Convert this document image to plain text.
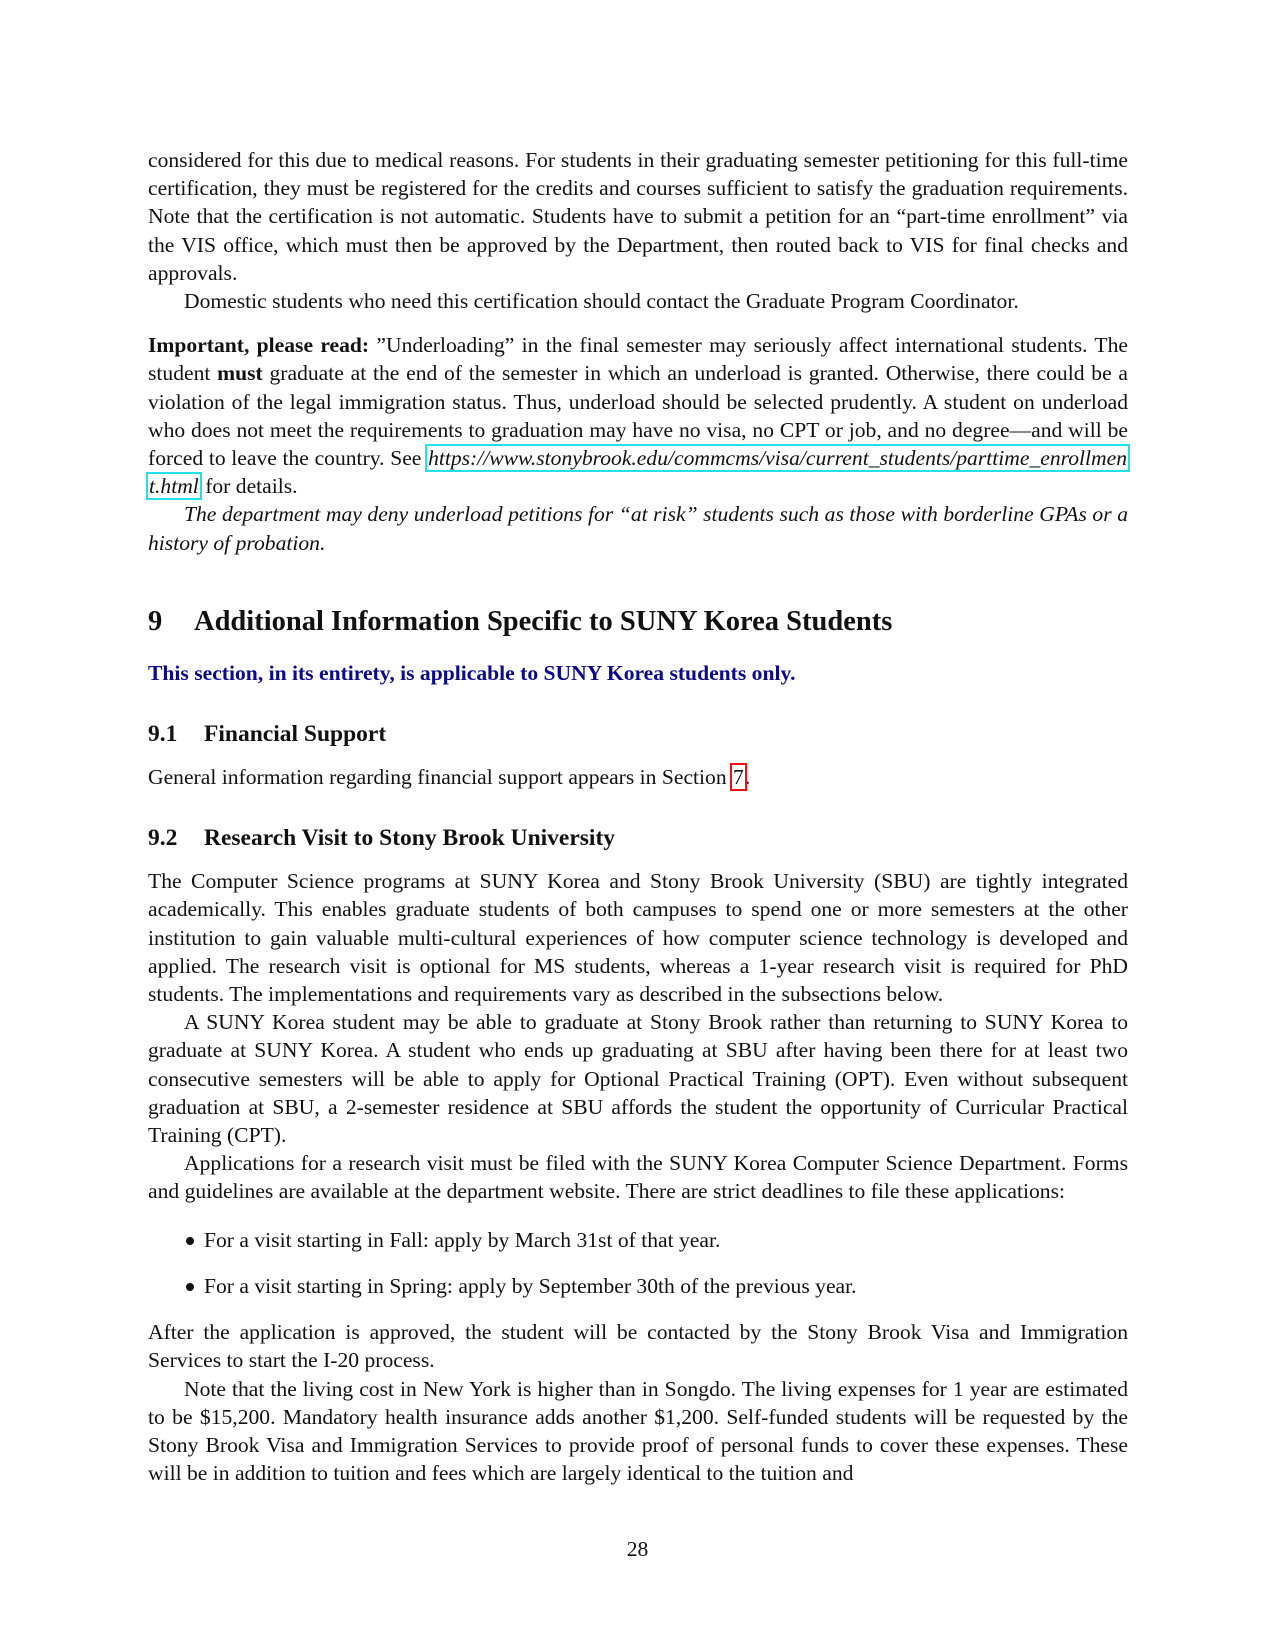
considered for this due to medical reasons. For students in their graduating semester petitioning for this full-time certification, they must be registered for the credits and courses sufficient to satisfy the graduation requirements. Note that the certification is not automatic. Students have to submit a petition for an “part-time enrollment” via the VIS office, which must then be approved by the Department, then routed back to VIS for final checks and approvals.

Domestic students who need this certification should contact the Graduate Program Coordinator.

Important, please read: ”Underloading” in the final semester may seriously affect international students. The student must graduate at the end of the semester in which an underload is granted. Otherwise, there could be a violation of the legal immigration status. Thus, underload should be selected prudently. A student on underload who does not meet the requirements to graduation may have no visa, no CPT or job, and no degree—and will be forced to leave the country. See https://www.stonybrook.edu/commcms/visa/current_students/parttime_enrollment.html for details.

The department may deny underload petitions for “at risk” students such as those with borderline GPAs or a history of probation.

9 Additional Information Specific to SUNY Korea Students

This section, in its entirety, is applicable to SUNY Korea students only.

9.1 Financial Support

General information regarding financial support appears in Section 7.

9.2 Research Visit to Stony Brook University

The Computer Science programs at SUNY Korea and Stony Brook University (SBU) are tightly integrated academically. This enables graduate students of both campuses to spend one or more semesters at the other institution to gain valuable multi-cultural experiences of how computer science technology is developed and applied. The research visit is optional for MS students, whereas a 1-year research visit is required for PhD students. The implementations and requirements vary as described in the subsections below.

A SUNY Korea student may be able to graduate at Stony Brook rather than returning to SUNY Korea to graduate at SUNY Korea. A student who ends up graduating at SBU after having been there for at least two consecutive semesters will be able to apply for Optional Practical Training (OPT). Even without subsequent graduation at SBU, a 2-semester residence at SBU affords the student the opportunity of Curricular Practical Training (CPT).

Applications for a research visit must be filed with the SUNY Korea Computer Science Department. Forms and guidelines are available at the department website. There are strict deadlines to file these applications:

For a visit starting in Fall: apply by March 31st of that year.
For a visit starting in Spring: apply by September 30th of the previous year.

After the application is approved, the student will be contacted by the Stony Brook Visa and Immigration Services to start the I-20 process.

Note that the living cost in New York is higher than in Songdo. The living expenses for 1 year are estimated to be $15,200. Mandatory health insurance adds another $1,200. Self-funded students will be requested by the Stony Brook Visa and Immigration Services to provide proof of personal funds to cover these expenses. These will be in addition to tuition and fees which are largely identical to the tuition and

28
